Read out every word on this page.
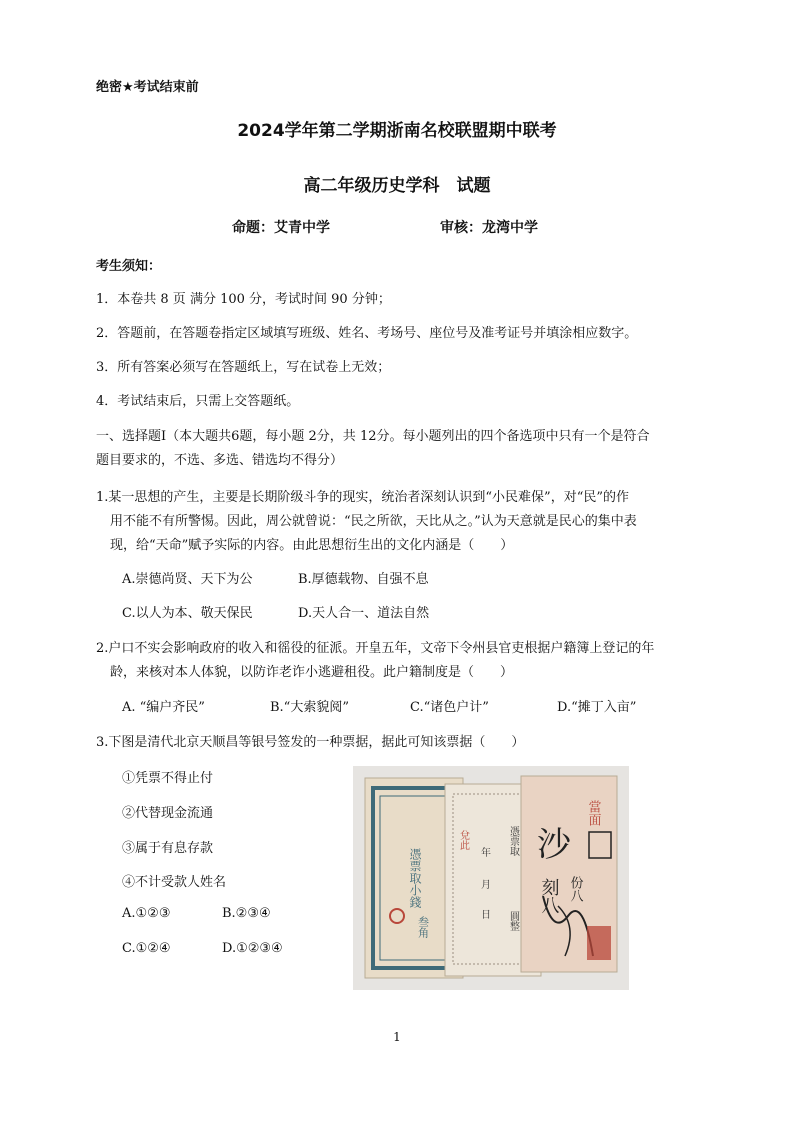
绝密★考试结束前
2024学年第二学期浙南名校联盟期中联考
高二年级历史学科　试题
命题：艾青中学	审核：龙湾中学
考生须知：
1．本卷共 8 页 满分 100 分，考试时间 90 分钟；
2．答题前，在答题卷指定区域填写班级、姓名、考场号、座位号及准考证号并填涂相应数字。
3．所有答案必须写在答题纸上，写在试卷上无效；
4．考试结束后，只需上交答题纸。
一、选择题Ⅰ（本大题共6题，每小题 2分，共 12分。每小题列出的四个备选项中只有一个是符合
题目要求的，不选、多选、错选均不得分）
1.某一思想的产生，主要是长期阶级斗争的现实，统治者深刻认识到“小民难保”，对“民”的作
用不能不有所警惕。因此，周公就曾说：“民之所欲，天比从之。”认为天意就是民心的集中表
现，给“天命”赋予实际的内容。由此思想衍生出的文化内涵是（　　）
A.崇德尚贤、天下为公	B.厚德载物、自强不息
C.以人为本、敬天保民	D.天人合一、道法自然
2.户口不实会影响政府的收入和徭役的征派。开皇五年，文帝下令州县官吏根据户籍簿上登记的年
龄，来核对本人体貌，以防诈老诈小逃避租役。此户籍制度是（　　）
A. “编户齐民”	B.“大索貌阅”	C.“诸色户计”	D.“摊丁入亩”
3.下图是清代北京天顺昌等银号签发的一种票据，据此可知该票据（　　）
①凭票不得止付
②代替现金流通
③属于有息存款
④不计受款人姓名
A.①②③	B.②③④
C.①②④	D.①②③④
憑票取小錢
叁角
兌此
年
月
日
憑票取
圓整
當面
沙
刻八 份八
1
